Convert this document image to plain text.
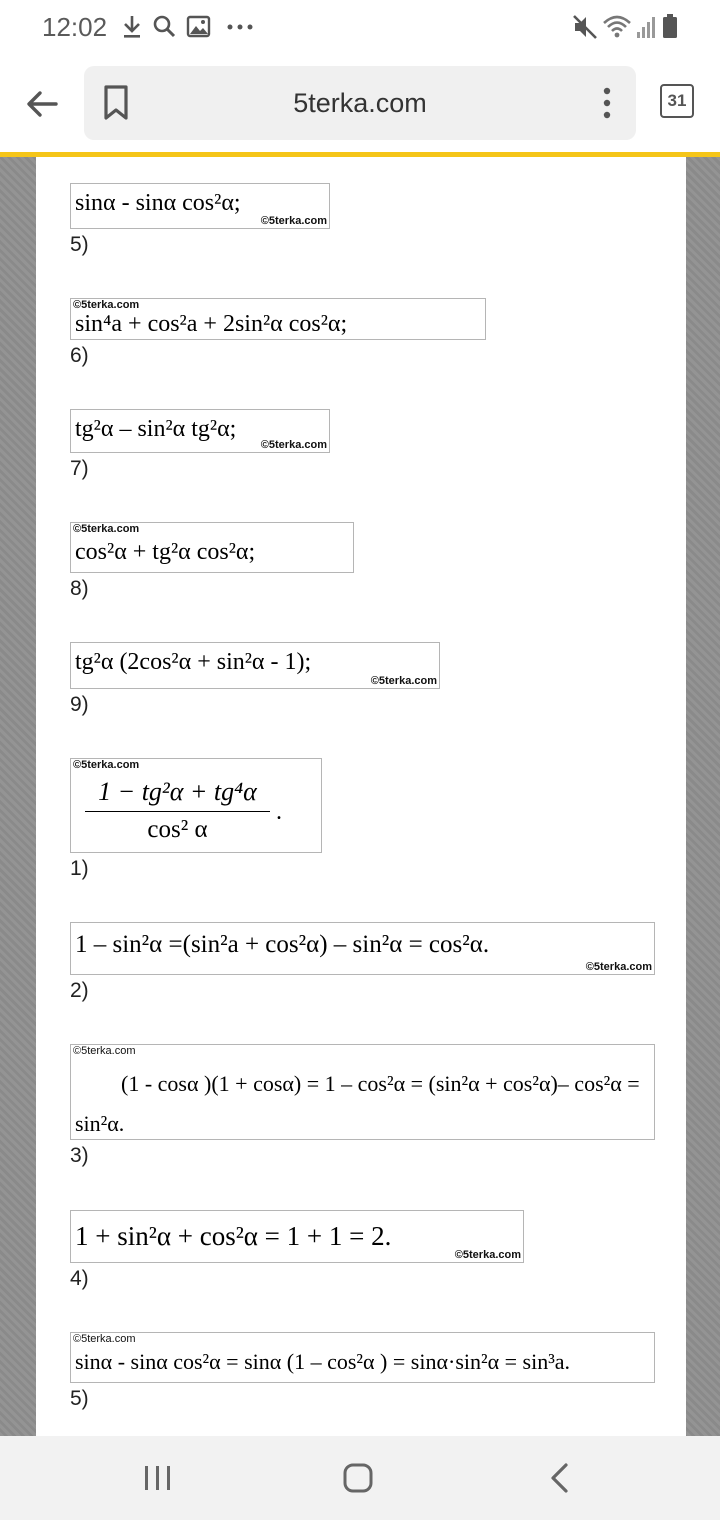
12:02
5terka.com	31
sinα - sinα cos²α;
©5terka.com
5)
©5terka.com
sin⁴a + cos²a + 2sin²α cos²α;
6)
tg²α – sin²α tg²α;
©5terka.com
7)
©5terka.com
cos²α + tg²α cos²α;
8)
tg²α (2cos²α + sin²α - 1);
©5terka.com
9)
©5terka.com
$\frac{\text{1 − tg²α + tg⁴α}}{\text{cos² α}}$ .
1)
1 – sin²α =(sin²a + cos²α) – sin²α = cos²α.
©5terka.com
2)
©5terka.com
(1 - cosα )(1 + cosα) = 1 – cos²α = (sin²α + cos²α)– cos²α =
sin²α.
3)
1 + sin²α + cos²α = 1 + 1 = 2.
©5terka.com
4)
©5terka.com
sinα - sinα cos²α = sinα (1 – cos²α ) = sinα·sin²α = sin³a.
5)
